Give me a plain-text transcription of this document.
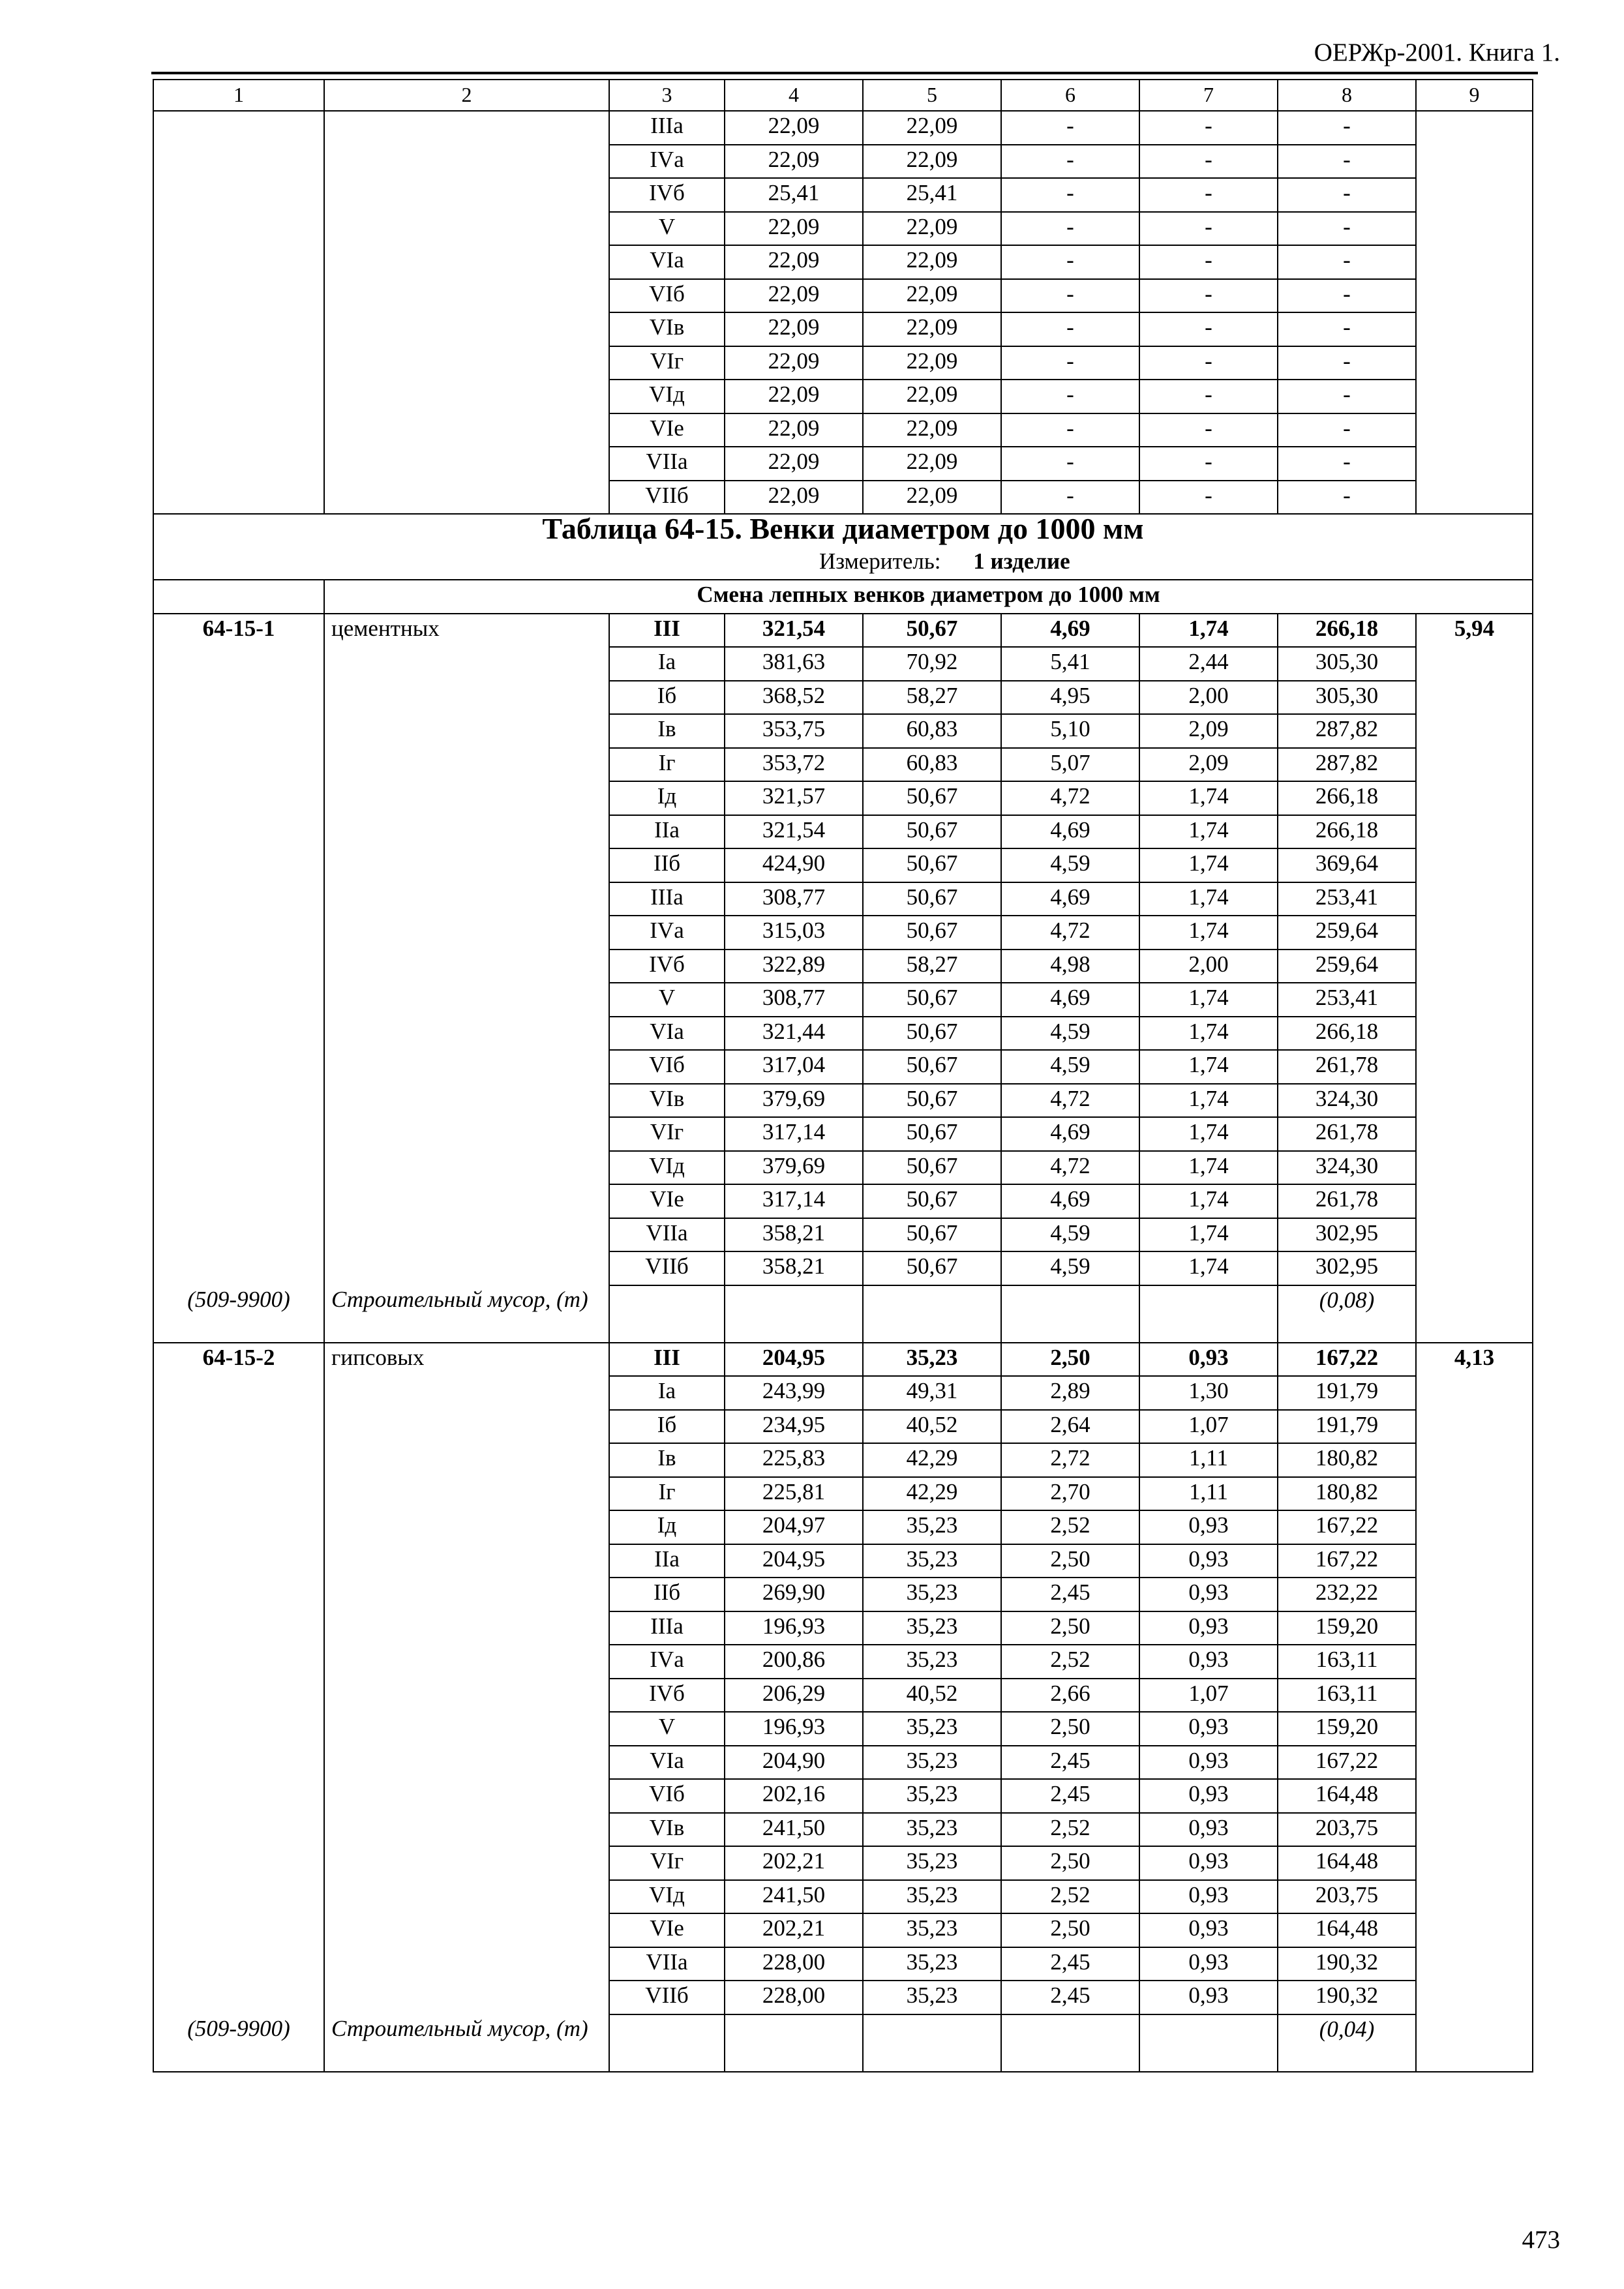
ОЕРЖр-2001. Книга 1.
1	2	3	4	5	6	7	8	9
		IIIа	22,09	22,09	-	-	-	
		IVа	22,09	22,09	-	-	-	
		IVб	25,41	25,41	-	-	-	
		V	22,09	22,09	-	-	-	
		VIа	22,09	22,09	-	-	-	
		VIб	22,09	22,09	-	-	-	
		VIв	22,09	22,09	-	-	-	
		VIг	22,09	22,09	-	-	-	
		VIд	22,09	22,09	-	-	-	
		VIе	22,09	22,09	-	-	-	
		VIIа	22,09	22,09	-	-	-	
		VIIб	22,09	22,09	-	-	-	
Таблица 64-15. Венки диаметром до 1000 мм								
Измеритель: 1 изделие								
	Смена лепных венков диаметром до 1000 мм							
64-15-1	цементных	III	321,54	50,67	4,69	1,74	266,18	5,94
		Iа	381,63	70,92	5,41	2,44	305,30	
		Iб	368,52	58,27	4,95	2,00	305,30	
		Iв	353,75	60,83	5,10	2,09	287,82	
		Iг	353,72	60,83	5,07	2,09	287,82	
		Iд	321,57	50,67	4,72	1,74	266,18	
		IIа	321,54	50,67	4,69	1,74	266,18	
		IIб	424,90	50,67	4,59	1,74	369,64	
		IIIа	308,77	50,67	4,69	1,74	253,41	
		IVа	315,03	50,67	4,72	1,74	259,64	
		IVб	322,89	58,27	4,98	2,00	259,64	
		V	308,77	50,67	4,69	1,74	253,41	
		VIа	321,44	50,67	4,59	1,74	266,18	
		VIб	317,04	50,67	4,59	1,74	261,78	
		VIв	379,69	50,67	4,72	1,74	324,30	
		VIг	317,14	50,67	4,69	1,74	261,78	
		VIд	379,69	50,67	4,72	1,74	324,30	
		VIе	317,14	50,67	4,69	1,74	261,78	
		VIIа	358,21	50,67	4,59	1,74	302,95	
		VIIб	358,21	50,67	4,59	1,74	302,95	
(509-9900)	Строительный мусор, (т)						(0,08)	
64-15-2	гипсовых	III	204,95	35,23	2,50	0,93	167,22	4,13
		Iа	243,99	49,31	2,89	1,30	191,79	
		Iб	234,95	40,52	2,64	1,07	191,79	
		Iв	225,83	42,29	2,72	1,11	180,82	
		Iг	225,81	42,29	2,70	1,11	180,82	
		Iд	204,97	35,23	2,52	0,93	167,22	
		IIа	204,95	35,23	2,50	0,93	167,22	
		IIб	269,90	35,23	2,45	0,93	232,22	
		IIIа	196,93	35,23	2,50	0,93	159,20	
		IVа	200,86	35,23	2,52	0,93	163,11	
		IVб	206,29	40,52	2,66	1,07	163,11	
		V	196,93	35,23	2,50	0,93	159,20	
		VIа	204,90	35,23	2,45	0,93	167,22	
		VIб	202,16	35,23	2,45	0,93	164,48	
		VIв	241,50	35,23	2,52	0,93	203,75	
		VIг	202,21	35,23	2,50	0,93	164,48	
		VIд	241,50	35,23	2,52	0,93	203,75	
		VIе	202,21	35,23	2,50	0,93	164,48	
		VIIа	228,00	35,23	2,45	0,93	190,32	
		VIIб	228,00	35,23	2,45	0,93	190,32	
(509-9900)	Строительный мусор, (т)						(0,04)	
473
